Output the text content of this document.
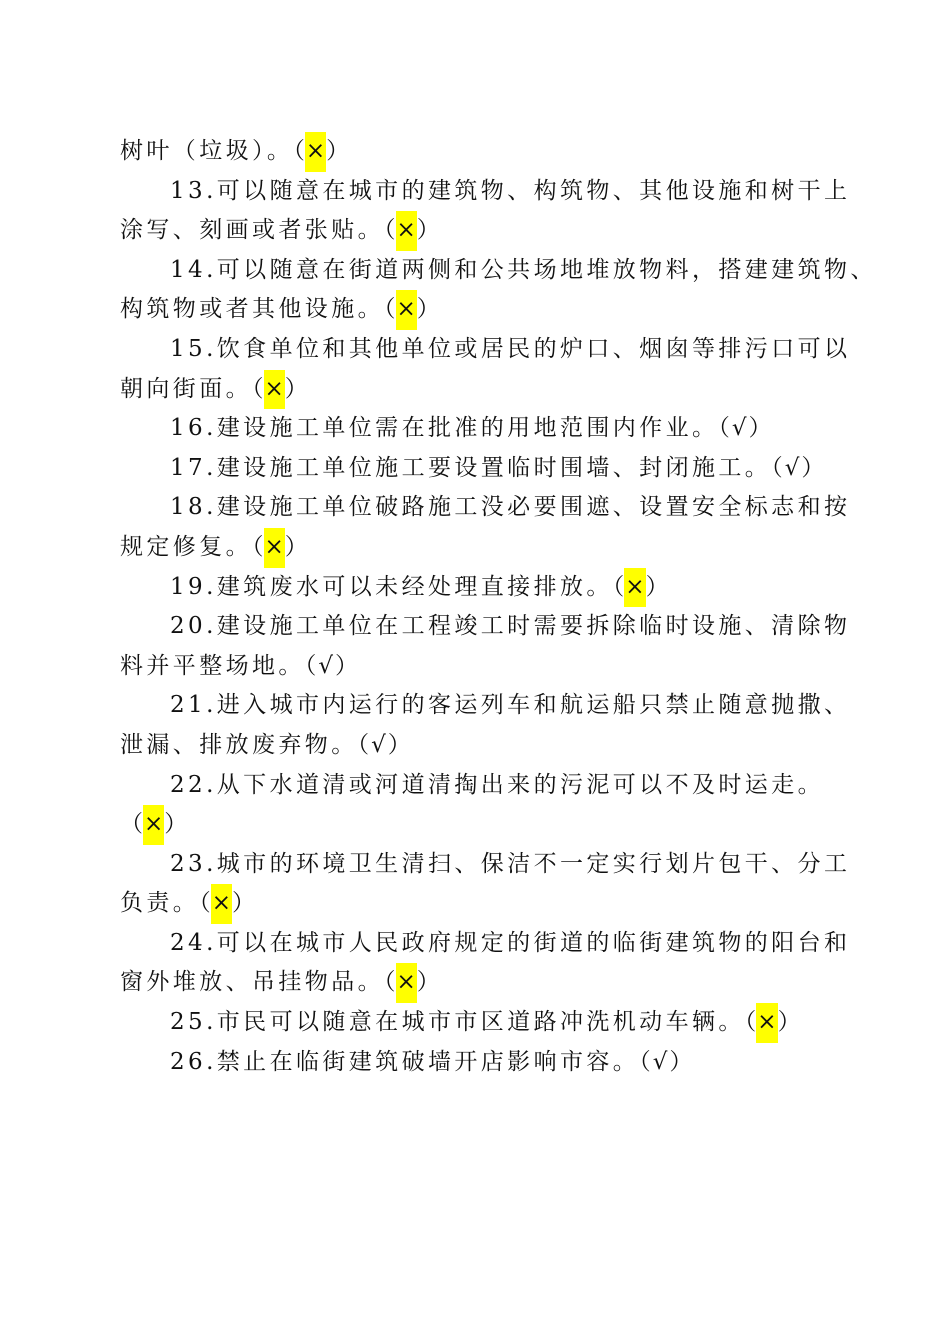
树叶（垃圾）。（×）
13.可以随意在城市的建筑物、构筑物、其他设施和树干上
涂写、刻画或者张贴。（×）
14.可以随意在街道两侧和公共场地堆放物料，搭建建筑物、
构筑物或者其他设施。（×）
15.饮食单位和其他单位或居民的炉口、烟囱等排污口可以
朝向街面。（×）
16.建设施工单位需在批准的用地范围内作业。（√）
17.建设施工单位施工要设置临时围墙、封闭施工。（√）
18.建设施工单位破路施工没必要围遮、设置安全标志和按
规定修复。（×）
19.建筑废水可以未经处理直接排放。（×）
20.建设施工单位在工程竣工时需要拆除临时设施、清除物
料并平整场地。（√）
21.进入城市内运行的客运列车和航运船只禁止随意抛撒、
泄漏、排放废弃物。（√）
22.从下水道清或河道清掏出来的污泥可以不及时运走。
（×）
23.城市的环境卫生清扫、保洁不一定实行划片包干、分工
负责。（×）
24.可以在城市人民政府规定的街道的临街建筑物的阳台和
窗外堆放、吊挂物品。（×）
25.市民可以随意在城市市区道路冲洗机动车辆。（×）
26.禁止在临街建筑破墙开店影响市容。（√）
